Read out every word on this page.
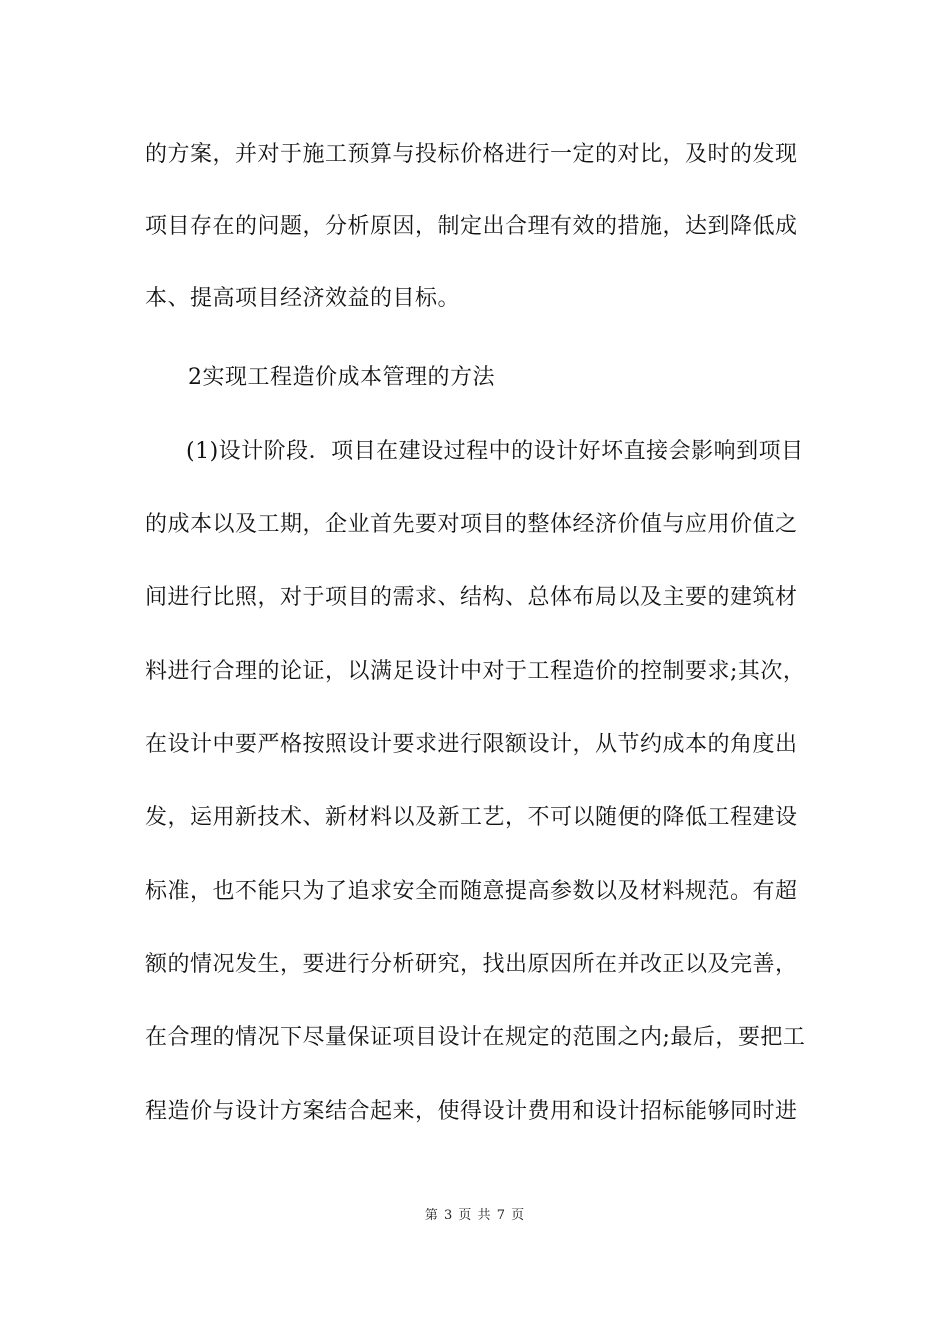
的方案，并对于施工预算与投标价格进行一定的对比，及时的发现
项目存在的问题，分析原因，制定出合理有效的措施，达到降低成
本、提高项目经济效益的目标。
2实现工程造价成本管理的方法
(1)设计阶段．项目在建设过程中的设计好坏直接会影响到项目
的成本以及工期，企业首先要对项目的整体经济价值与应用价值之
间进行比照，对于项目的需求、结构、总体布局以及主要的建筑材
料进行合理的论证，以满足设计中对于工程造价的控制要求;其次，
在设计中要严格按照设计要求进行限额设计，从节约成本的角度出
发，运用新技术、新材料以及新工艺，不可以随便的降低工程建设
标准，也不能只为了追求安全而随意提高参数以及材料规范。有超
额的情况发生，要进行分析研究，找出原因所在并改正以及完善，
在合理的情况下尽量保证项目设计在规定的范围之内;最后，要把工
程造价与设计方案结合起来，使得设计费用和设计招标能够同时进
第 3 页 共 7 页
